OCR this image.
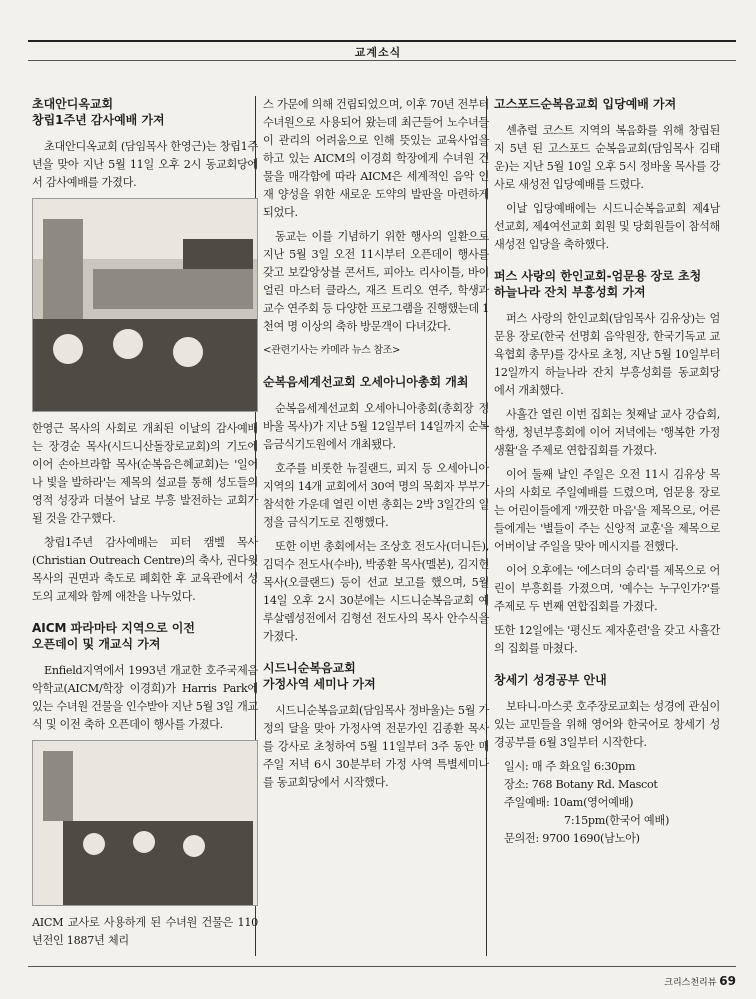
교계소식
초대안디옥교회
창립1주년 감사예배 가져

초대안디옥교회 (담임목사 한영근)는 창립1주년을 맞아 지난 5월 11일 오후 2시 동교회당에서 감사예배를 가졌다.

한영근 목사의 사회로 개최된 이날의 감사예배는 장경순 목사(시드니산돌장로교회)의 기도에 이어 손아브라함 목사(순복음은혜교회)는 '일어나 빛을 발하라'는 제목의 설교를 통해 성도들의 영적 성장과 더불어 날로 부흥 발전하는 교회가 될 것을 간구했다.

창립1주년 감사예배는 피터 캠벨 목사(Christian Outreach Centre)의 축사, 권다윗 목사의 권면과 축도로 폐회한 후 교육관에서 성도의 교제와 함께 애찬을 나누었다.

AICM 파라마타 지역으로 이전
오픈데이 및 개교식 가져

Enfield지역에서 1993년 개교한 호주국제음악학교(AICM/학장 이경희)가 Harris Park에 있는 수녀원 건물을 인수받아 지난 5월 3일 개교식 및 이전 축하 오픈데이 행사를 가졌다.

AICM 교사로 사용하게 된 수녀원 건물은 110년전인 1887년 체리

스 가문에 의해 건립되었으며, 이후 70년 전부터 수녀원으로 사용되어 왔는데 최근들어 노수녀들이 관리의 어려움으로 인해 뜻있는 교육사업을 하고 있는 AICM의 이경희 학장에게 수녀원 건물을 매각함에 따라 AICM은 세계적인 음악 인재 양성을 위한 새로운 도약의 발판을 마련하게 되었다.

동교는 이를 기념하기 위한 행사의 일환으로 지난 5월 3일 오전 11시부터 오픈데이 행사를 갖고 보칼앙상블 콘서트, 피아노 리사이틀, 바이얼린 마스터 클라스, 재즈 트리오 연주, 학생과 교수 연주회 등 다양한 프로그램을 진행했는데 1천여 명 이상의 축하 방문객이 다녀갔다.

<관련기사는 카메라 뉴스 참조>

순복음세계선교회 오세아니아총회 개최

순복음세계선교회 오세아니아총회(총회장 정바울 목사)가 지난 5월 12일부터 14일까지 순복음금식기도원에서 개최됐다.

호주를 비롯한 뉴질랜드, 피지 등 오세아니아 지역의 14개 교회에서 30여 명의 목회자 부부가 참석한 가운데 열린 이번 총회는 2박 3일간의 일정을 금식기도로 진행했다.

또한 이번 총회에서는 조상호 전도사(더니든), 김덕수 전도사(수바), 박종환 목사(멜본), 김지헌 목사(오클랜드) 등이 선교 보고를 했으며, 5월 14일 오후 2시 30분에는 시드니순복음교회 예루살렘성전에서 김형선 전도사의 목사 안수식을 가졌다.

시드니순복음교회
가정사역 세미나 가져

시드니순복음교회(담임목사 정바울)는 5월 가정의 달을 맞아 가정사역 전문가인 김종환 목사를 강사로 초청하여 5월 11일부터 3주 동안 매 주일 저녁 6시 30분부터 가정 사역 특별세미나를 동교회당에서 시작했다.

고스포드순복음교회 입당예배 가져

센츄럴 코스트 지역의 복음화를 위해 창립된지 5년 된 고스포드 순복음교회(담임목사 김태운)는 지난 5월 10일 오후 5시 정바울 목사를 강사로 새성전 입당예배를 드렸다.

이날 입당예배에는 시드니순복음교회 제4남선교회, 제4여선교회 회원 및 당회원들이 참석해 새성전 입당을 축하했다.

퍼스 사랑의 한인교회-엄문용 장로 초청
하늘나라 잔치 부흥성회 가져

퍼스 사랑의 한인교회(담임목사 김유상)는 엄문용 장로(한국 선명회 음악원장, 한국기독교 교육협회 총무)를 강사로 초청, 지난 5월 10일부터 12일까지 하늘나라 잔치 부흥성회를 동교회당에서 개최했다.

사흘간 열린 이번 집회는 첫째날 교사 강습회, 학생, 청년부흥회에 이어 저녁에는 '행복한 가정생활'을 주제로 연합집회를 가졌다.

이어 둘째 날인 주일은 오전 11시 김유상 목사의 사회로 주일예배를 드렸으며, 엄문용 장로는 어린이들에게 '깨끗한 마음'을 제목으로, 어른들에게는 '별들이 주는 신앙적 교훈'을 제목으로 어버이날 주일을 맞아 메시지를 전했다.

이어 오후에는 '에스더의 승리'를 제목으로 어린이 부흥회를 가졌으며, '예수는 누구인가?'를 주제로 두 번째 연합집회를 가졌다.

또한 12일에는 '평신도 제자훈련'을 갖고 사흘간의 집회를 마쳤다.

창세기 성경공부 안내

보타니-마스콧 호주장로교회는 성경에 관심이 있는 교민들을 위해 영어와 한국어로 창세기 성경공부를 6월 3일부터 시작한다.

일시: 매 주 화요일 6:30pm

장소: 768 Botany Rd. Mascot

주일예배: 10am(영어예배)

7:15pm(한국어 예배)

문의전: 9700 1690(남노아)

크리스천리뷰 69
